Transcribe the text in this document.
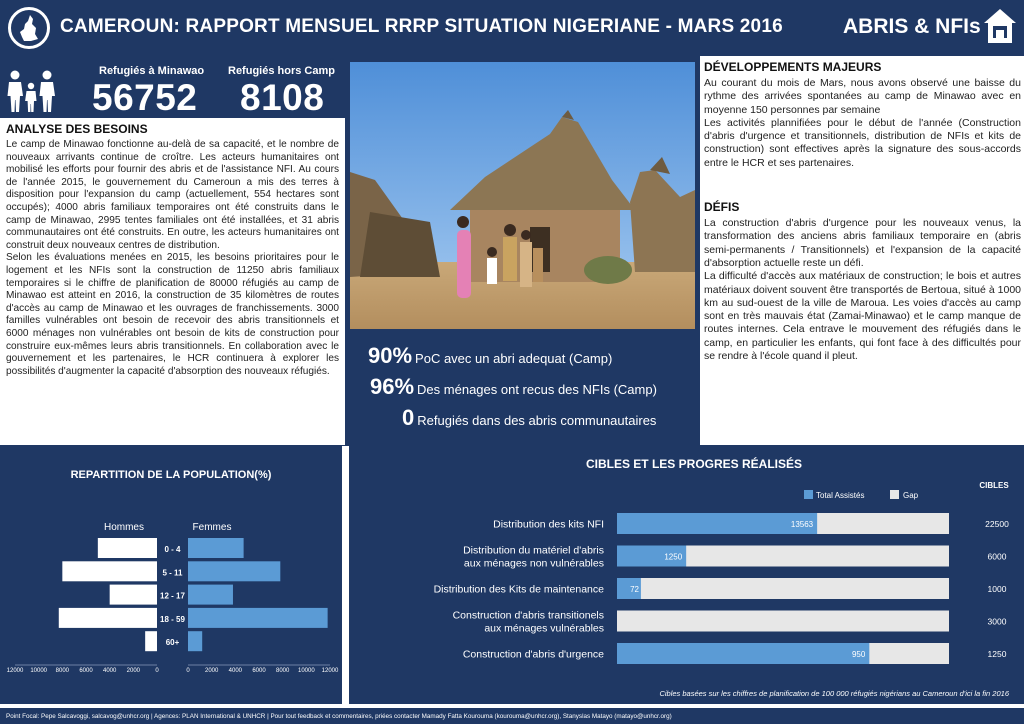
CAMEROUN: RAPPORT MENSUEL RRRP SITUATION NIGERIANE - MARS 2016	ABRIS & NFIs
Refugiés à Minawao
56752
Refugiés hors Camp
8108
ANALYSE DES BESOINS

Le camp de Minawao fonctionne au-delà de sa capacité, et le nombre de nouveaux arrivants continue de croître. Les acteurs humanitaires ont mobilisé les efforts pour fournir des abris et de l'assistance NFI. Au cours de l'année 2015, le gouvernement du Cameroun a mis des terres à disposition pour l'expansion du camp (actuellement, 554 hectares sont occupés); 4000 abris familiaux temporaires ont été construits dans le camp de Minawao, 2995 tentes familiales ont été installées, et 31 abris communautaires ont été construits. En outre, les acteurs humanitaires ont construit deux nouveaux centres de distribution.

Selon les évaluations menées en 2015, les besoins prioritaires pour le logement et les NFIs sont la construction de 11250 abris familiaux temporaires si le chiffre de planification de 80000 réfugiés au camp de Minawao est atteint en 2016, la construction de 35 kilomètres de routes d'accès au camp de Minawao et les ouvrages de franchissements. 3000 familles vulnérables ont besoin de recevoir des abris transitionnels et 6000 ménages non vulnérables ont besoin de kits de construction pour construire eux-mêmes leurs abris transitionnels. En collaboration avec le gouvernement et les partenaires, le HCR continuera à explorer les possibilités d'augmenter la capacité d'absorption des nouveaux réfugiés.

90% PoC avec un abri adequat (Camp)
96% Des ménages ont recus des NFIs (Camp)
0 Refugiés dans des abris communautaires
DÉVELOPPEMENTS MAJEURS

Au courant du mois de Mars, nous avons observé une baisse du rythme des arrivées spontanées au camp de Minawao avec en moyenne 150 personnes par semaine

Les activités plannifiées pour le début de l'année (Construction d'abris d'urgence et transitionnels, distribution de NFIs et kits de construction) sont effectives après la signature des sous-accords entre le HCR et ses partenaires.

DÉFIS

La construction d'abris d'urgence pour les nouveaux venus, la transformation des anciens abris familiaux temporaire en (abris semi-permanents / Transitionnels) et l'expansion de la capacité d'absorption actuelle reste un défi.

La difficulté d'accès aux matériaux de construction; le bois et autres matériaux doivent souvent être transportés de Bertoua, situé à 1000 km au sud-ouest de la ville de Maroua. Les voies d'accès au camp sont en très mauvais état (Zamai-Minawao) et le camp manque de routes internes. Cela entrave le mouvement des réfugiés dans le camp, en particulier les enfants, qui font face à des difficultés pour se rendre à l'école quand il pleut.

REPARTITION DE LA POPULATION(%)
Hommes	Femmes
0 - 4
5 - 11
12 - 17
18 - 59
60+
12000 10000 8000 6000 4000 2000	0	0	2000 4000 6000 8000 10000 12000
CIBLES ET LES PROGRES RÉALISÉS
CIBLES
Total Assistés	Gap
13563
Distribution des kits NFI	22500
1250
Distribution du matériel d'abris
aux ménages non vulnérables
6000
72
Distribution des Kits de maintenance	1000
Construction d'abris transitionels
aux ménages vulnérables
3000
950
Construction d'abris d'urgence	1250
Cibles basées sur les chiffres de planification de 100 000 réfugiés nigérians au Cameroun d'ici la fin 2016
Point Focal: Pepe Salcavoggi, salcavog@unhcr.org | Agences: PLAN International & UNHCR | Pour tout feedback et commentaires, priées contacter Mamady Fatta Kourouma (kourouma@unhcr.org), Stanyslas Matayo (matayo@unhcr.org)
